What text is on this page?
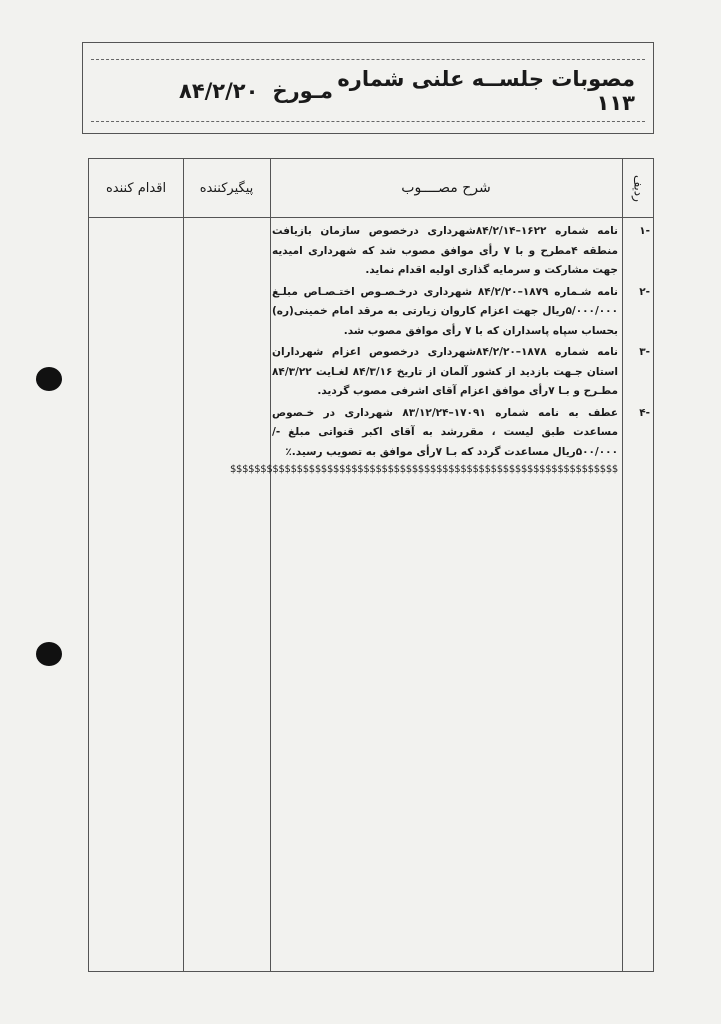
مصوبات جلســه علنی شماره ۱۱۳
مـورخ
۸۴/۲/۲۰
اقدام کننده	پیگیرکننده	شرح مصــــوب	ردیف
-۱
نامه شماره ۱۶۲۲–۸۴/۲/۱۴شهرداری درخصوص سازمان بازیافت منطقه ۴مطرح و با ۷ رأی موافق مصوب شد که شهرداری امیدیه جهت مشارکت و سرمایه گذاری اولیه اقدام نماید.
-۲
نامه شـماره ۱۸۷۹–۸۴/۲/۲۰ شهرداری درخـصـوص اختـصـاص مبلـغ ۵/۰۰۰/۰۰۰ریال جهت اعزام کاروان زیارتی به مرقد امام خمینی(ره) بحساب سپاه پاسداران که با ۷ رأی موافق مصوب شد.
-۳
نامه شماره ۱۸۷۸–۸۴/۲/۲۰شهرداری درخصوص اعزام شهرداران استان جـهت بازدید از کشور آلمان از تاریخ ۸۴/۳/۱۶ لغـایت ۸۴/۳/۲۲ مطـرح و بـا ۷رأی موافق اعزام آقای اشرفی مصوب گردید.
-۴
عطف به نامه شماره ۱۷۰۹۱–۸۳/۱۲/۲۴ شهرداری در خـصوص مساعدت طبق لیست ، مقررشد به آقای اکبر قنواتی مبلغ -/۵۰۰/۰۰۰ریال مساعدت گردد که بـا ۷رأی موافق به تصویب رسید.٪
$$$$$$$$$$$$$$$$$$$$$$$$$$$$$$$$$$$$$$$$$$$$$$$$$$$$$$$$$$$$$$$$
